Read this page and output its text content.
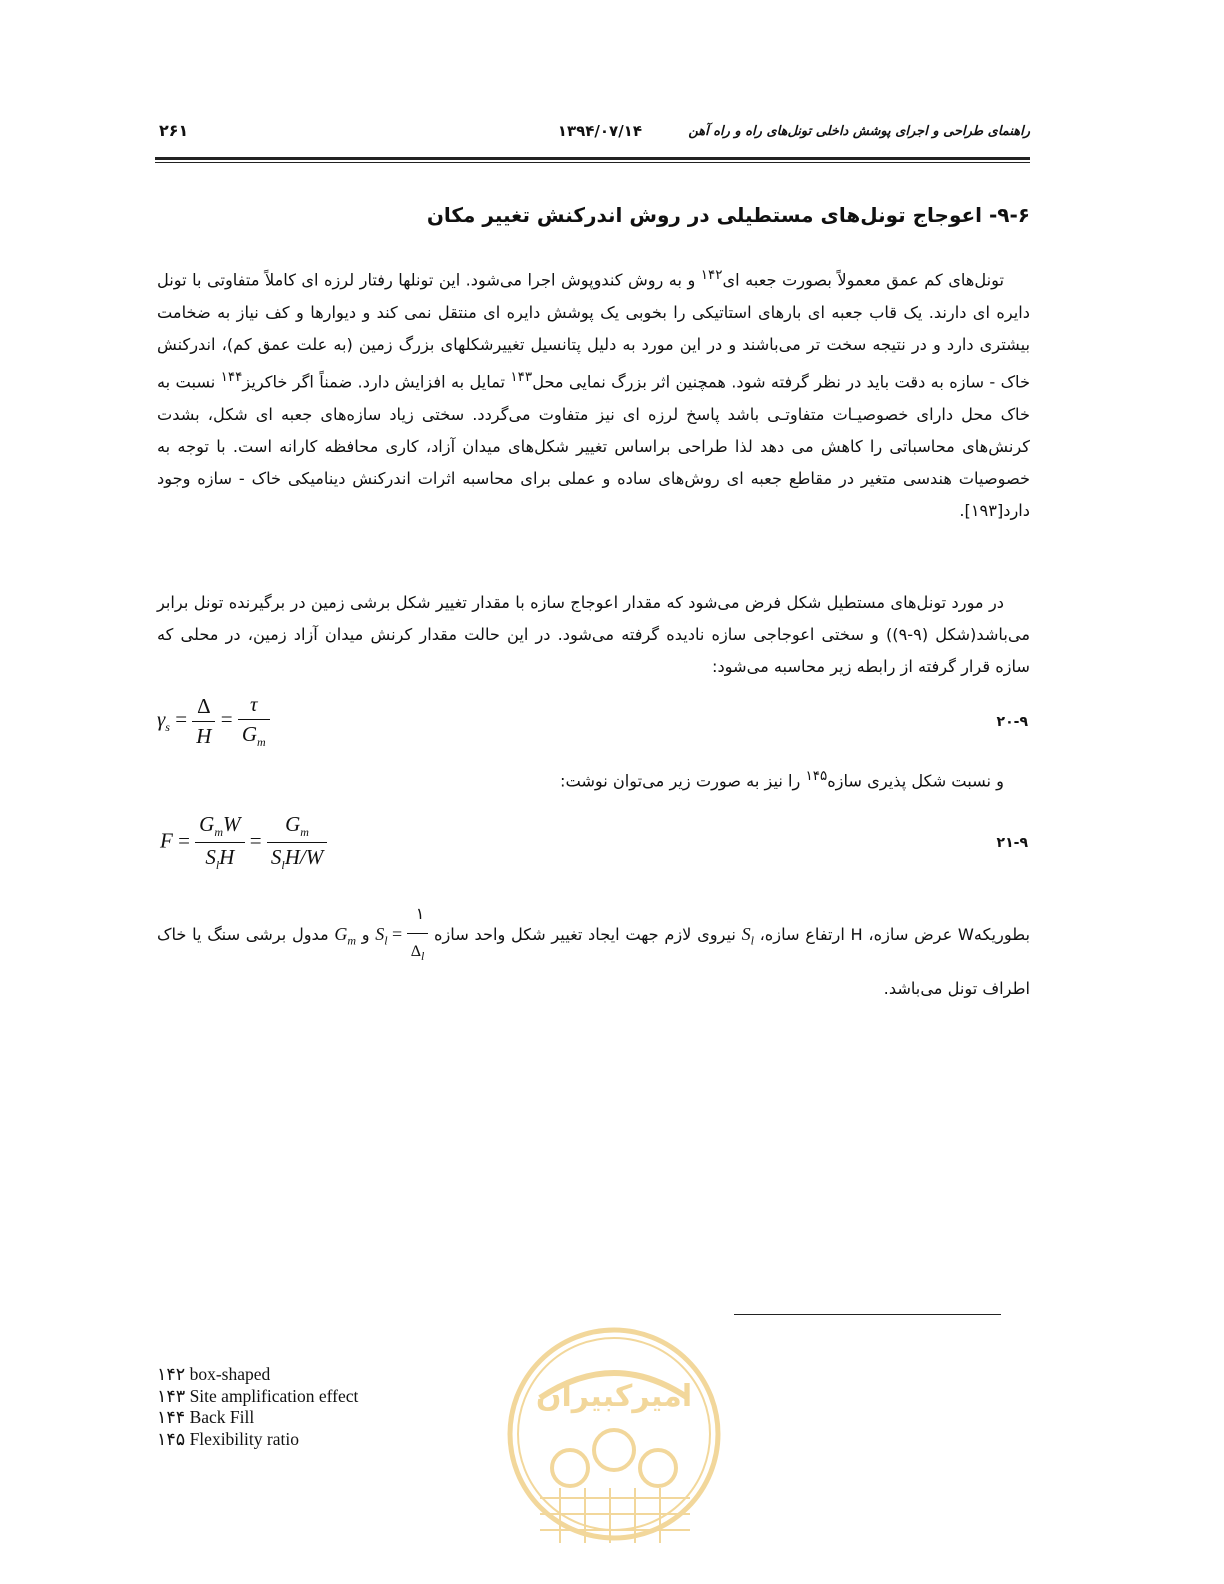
راهنمای طراحی و اجرای پوشش داخلی تونل‌های راه و راه آهن
۱۳۹۴/۰۷/۱۴
۲۶۱
۹-۶- اعوجاج تونل‌های مستطیلی در روش اندرکنش تغییر مکان

تونل‌های کم عمق معمولاً بصورت جعبه ای$^{۱۴۲}$ و به روش کندوپوش اجرا می‌شود. این تونلها رفتار لرزه ای کاملاً متفاوتی با تونل دایره ای دارند. یک قاب جعبه ای بارهای استاتیکی را بخوبی یک پوشش دایره ای منتقل نمی کند و دیوارها و کف نیاز به ضخامت بیشتری دارد و در نتیجه سخت تر می‌باشند و در این مورد به دلیل پتانسیل تغییرشکلهای بزرگ زمین (به علت عمق کم)، اندرکنش خاک - سازه به دقت باید در نظر گرفته شود. همچنین اثر بزرگ نمایی محل$^{۱۴۳}$ تمایل به افزایش دارد. ضمناً اگر خاکریز$^{۱۴۴}$ نسبت به خاک محل دارای خصوصیـات متفاوتـی باشد پاسخ لرزه ای نیز متفاوت می‌گردد. سختی زیاد سازه‌های جعبه ای شکل، بشدت کرنش‌های محاسباتی را کاهش می دهد لذا طراحی براساس تغییر شکل‌های میدان آزاد، کاری محافظه کارانه است. با توجه به خصوصیات هندسی متغیر در مقاطع جعبه ای روش‌های ساده و عملی برای محاسبه اثرات اندرکنش دینامیکی خاک - سازه وجود دارد[۱۹۳].

در مورد تونل‌های مستطیل شکل فرض می‌شود که مقدار اعوجاج سازه با مقدار تغییر شکل برشی زمین در برگیرنده تونل برابر می‌باشد(شکل (۹-۹)) و سختی اعوجاجی سازه نادیده گرفته می‌شود. در این حالت مقدار کرنش میدان آزاد زمین، در محلی که سازه قرار گرفته از رابطه زیر محاسبه می‌شود:

$\gamma_s = \frac{\Delta}{H} = \frac{\tau}{G_m}$	۲۰-۹

و نسبت شکل پذیری سازه$^{۱۴۵}$ را نیز به صورت زیر می‌توان نوشت:

$F = \frac{G_mW}{S_lH} = \frac{G_m}{S_lH/W}$	۲۱-۹

بطوریکهW عرض سازه، H ارتفاع سازه، $S_l$ نیروی لازم جهت ایجاد تغییر شکل واحد سازه $S_l = \frac{۱}{\Delta_l}$
و $G_m$ مدول برشی سنگ یا خاک اطراف تونل می‌باشد.

امیرکبیران
۱۴۲ box-shaped
۱۴۳ Site amplification effect
۱۴۴ Back Fill
۱۴۵ Flexibility ratio
